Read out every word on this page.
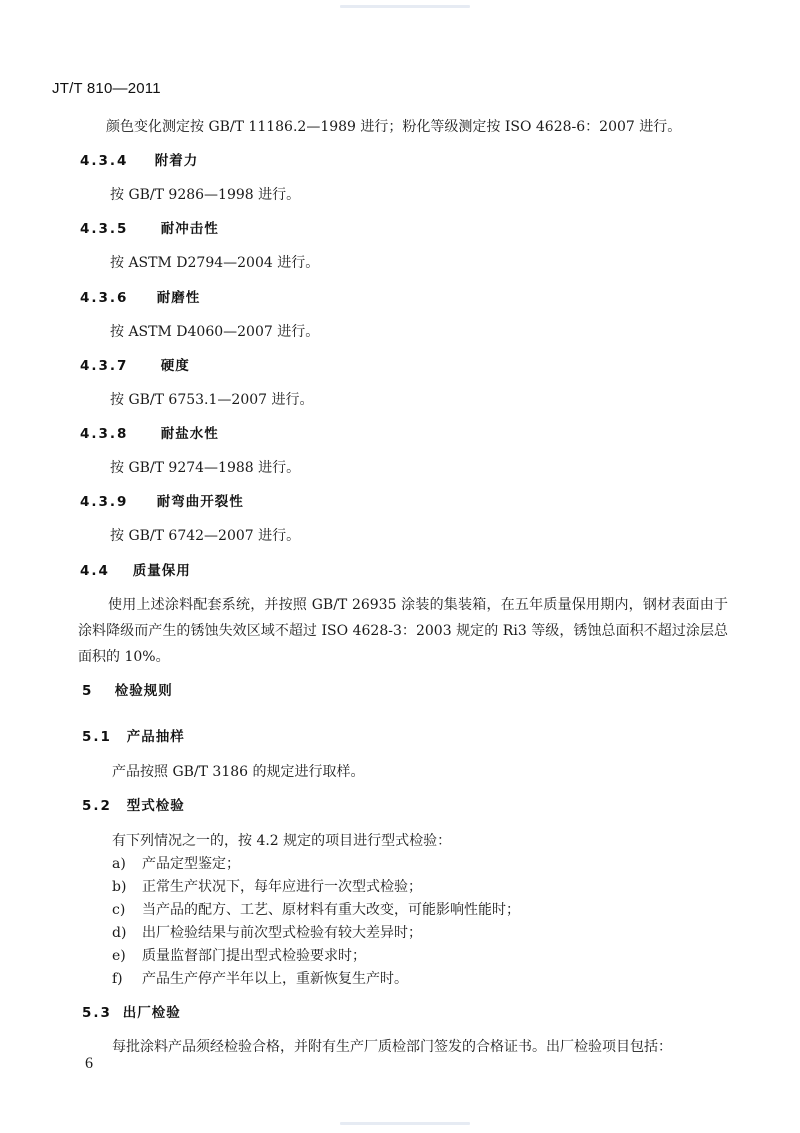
JT/T 810—2011
颜色变化测定按 GB/T 11186.2—1989 进行；粉化等级测定按 ISO 4628-6：2007 进行。
4.3.4 附着力
按 GB/T 9286—1998 进行。
4.3.5 耐冲击性
按 ASTM D2794—2004 进行。
4.3.6 耐磨性
按 ASTM D4060—2007 进行。
4.3.7 硬度
按 GB/T 6753.1—2007 进行。
4.3.8 耐盐水性
按 GB/T 9274—1988 进行。
4.3.9 耐弯曲开裂性
按 GB/T 6742—2007 进行。
4.4 质量保用
使用上述涂料配套系统，并按照 GB/T 26935 涂装的集装箱，在五年质量保用期内，钢材表面由于涂料降级而产生的锈蚀失效区域不超过 ISO 4628-3：2003 规定的 Ri3 等级，锈蚀总面积不超过涂层总面积的 10%。
5 检验规则
5.1 产品抽样
产品按照 GB/T 3186 的规定进行取样。
5.2 型式检验
有下列情况之一的，按 4.2 规定的项目进行型式检验：
a) 产品定型鉴定；
b) 正常生产状况下，每年应进行一次型式检验；
c) 当产品的配方、工艺、原材料有重大改变，可能影响性能时；
d) 出厂检验结果与前次型式检验有较大差异时；
e) 质量监督部门提出型式检验要求时；
f) 产品生产停产半年以上，重新恢复生产时。
5.3 出厂检验
每批涂料产品须经检验合格，并附有生产厂质检部门签发的合格证书。出厂检验项目包括：
6
